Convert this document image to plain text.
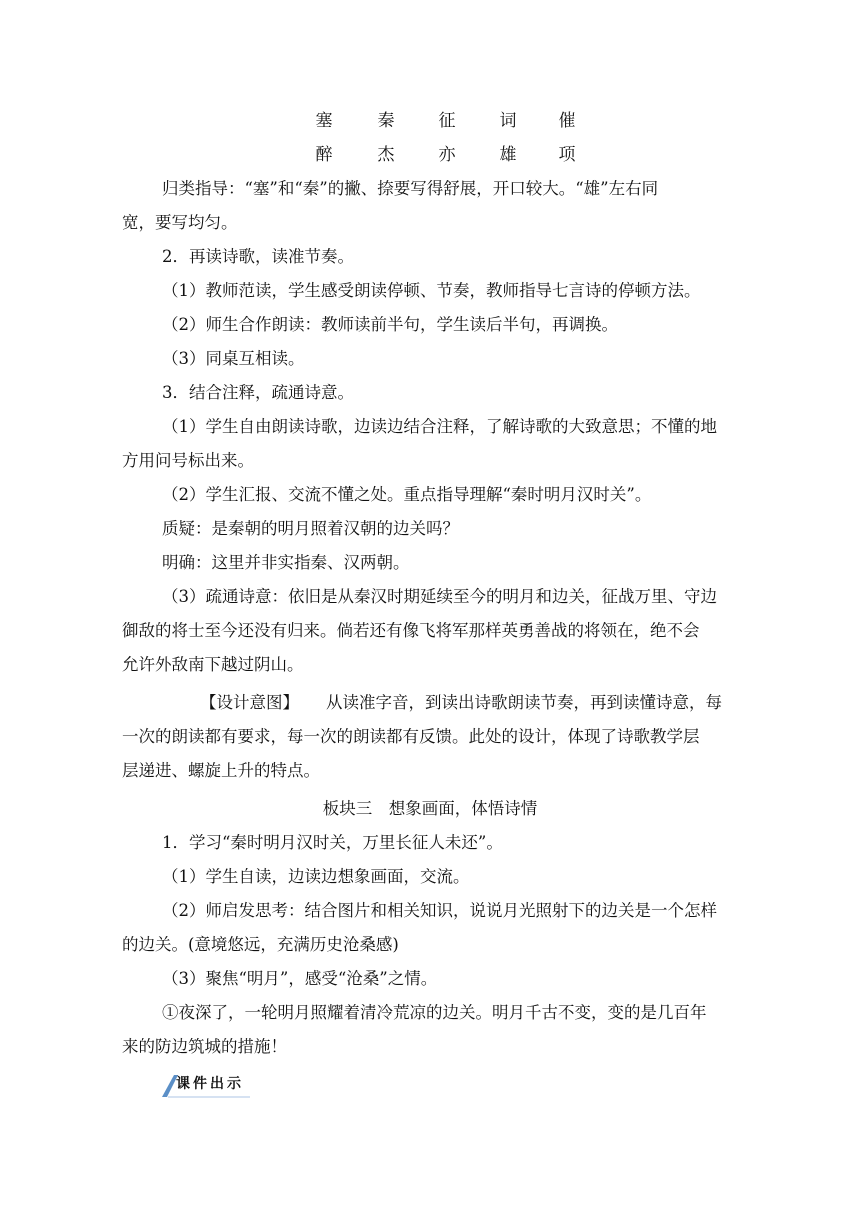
塞	秦	征	词 催
醉	杰	亦	雄 项
归类指导：“塞”和“秦”的撇、捺要写得舒展，开口较大。“雄”左右同
宽，要写均匀。
2．再读诗歌，读准节奏。
（1）教师范读，学生感受朗读停顿、节奏，教师指导七言诗的停顿方法。
（2）师生合作朗读：教师读前半句，学生读后半句，再调换。
（3）同桌互相读。
3．结合注释，疏通诗意。
（1）学生自由朗读诗歌，边读边结合注释，了解诗歌的大致意思；不懂的地
方用问号标出来。
（2）学生汇报、交流不懂之处。重点指导理解“秦时明月汉时关”。
质疑：是秦朝的明月照着汉朝的边关吗？
明确：这里并非实指秦、汉两朝。
（3）疏通诗意：依旧是从秦汉时期延续至今的明月和边关，征战万里、守边
御敌的将士至今还没有归来。倘若还有像飞将军那样英勇善战的将领在，绝不会
允许外敌南下越过阴山。
【设计意图】 从读准字音，到读出诗歌朗读节奏，再到读懂诗意，每
一次的朗读都有要求，每一次的朗读都有反馈。此处的设计，体现了诗歌教学层
层递进、螺旋上升的特点。
板块三　想象画面，体悟诗情
1．学习“秦时明月汉时关，万里长征人未还”。
（1）学生自读，边读边想象画面，交流。
（2）师启发思考：结合图片和相关知识，说说月光照射下的边关是一个怎样
的边关。(意境悠远，充满历史沧桑感)
（3）聚焦“明月”，感受“沧桑”之情。
①夜深了，一轮明月照耀着清冷荒凉的边关。明月千古不变，变的是几百年
来的防边筑城的措施！
课件出示
